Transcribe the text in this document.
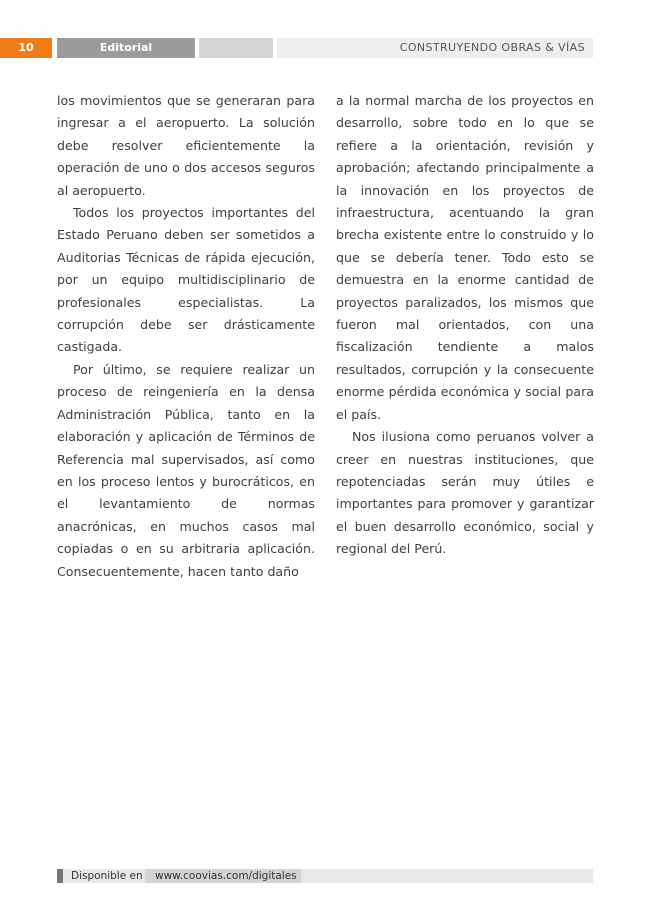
10	Editorial	CONSTRUYENDO OBRAS & VÍAS

los movimientos que se generaran para ingresar a el aeropuerto. La solución debe resolver eficientemente la operación de uno o dos accesos seguros al aeropuerto.

Todos los proyectos importantes del Estado Peruano deben ser sometidos a Auditorias Técnicas de rápida ejecución, por un equipo multidisciplinario de profesionales especialistas. La corrupción debe ser drásticamente castigada.

Por último, se requiere realizar un proceso de reingeniería en la densa Administración Pública, tanto en la elaboración y aplicación de Términos de Referencia mal supervisados, así como en los proceso lentos y burocráticos, en el levantamiento de normas anacrónicas, en muchos casos mal copiadas o en su arbitraria aplicación. Consecuentemente, hacen tanto daño

a la normal marcha de los proyectos en desarrollo, sobre todo en lo que se refiere a la orientación, revisión y aprobación; afectando principalmente a la innovación en los proyectos de infraestructura, acentuando la gran brecha existente entre lo construido y lo que se debería tener. Todo esto se demuestra en la enorme cantidad de proyectos paralizados, los mismos que fueron mal orientados, con una fiscalización tendiente a malos resultados, corrupción y la consecuente enorme pérdida económica y social para el país.

Nos ilusiona como peruanos volver a creer en nuestras instituciones, que repotenciadas serán muy útiles e importantes para promover y garantizar el buen desarrollo económico, social y regional del Perú.

Disponible en www.coovias.com/digitales
